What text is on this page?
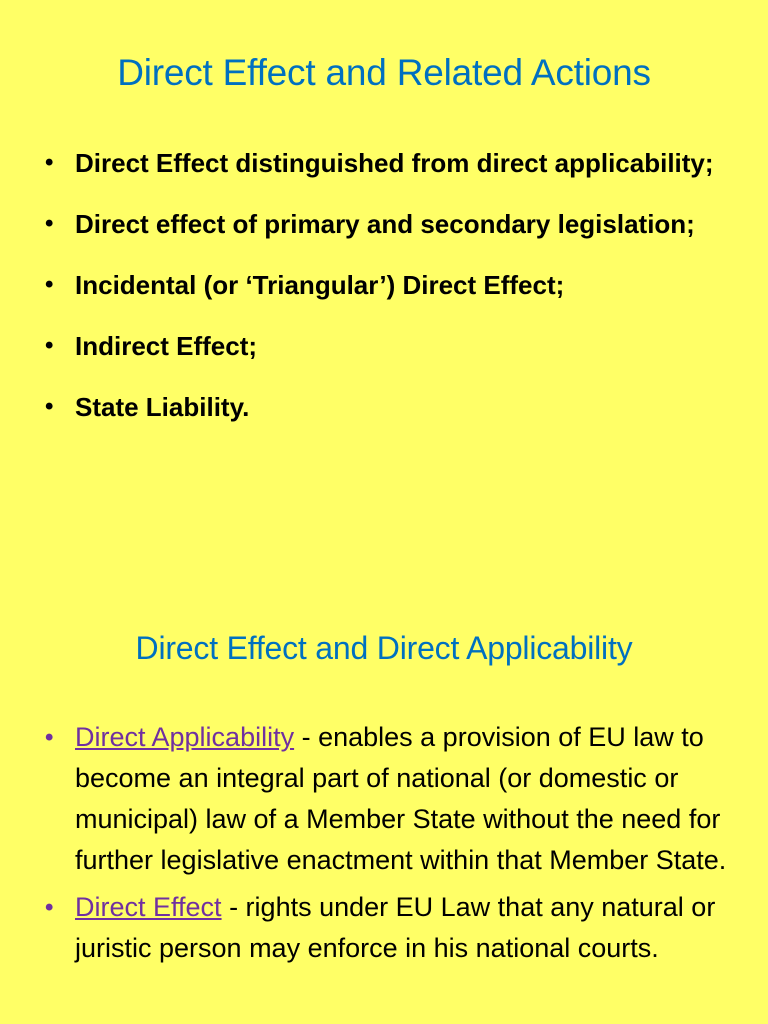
Direct Effect and Related Actions
• Direct Effect distinguished from direct applicability;
• Direct effect of primary and secondary legislation;
• Incidental (or ‘Triangular’) Direct Effect;
• Indirect Effect;
• State Liability.
Direct Effect and Direct Applicability
• Direct Applicability - enables a provision of EU law to become an integral part of national (or domestic or municipal) law of a Member State without the need for further legislative enactment within that Member State.
• Direct Effect - rights under EU Law that any natural or juristic person may enforce in his national courts.
